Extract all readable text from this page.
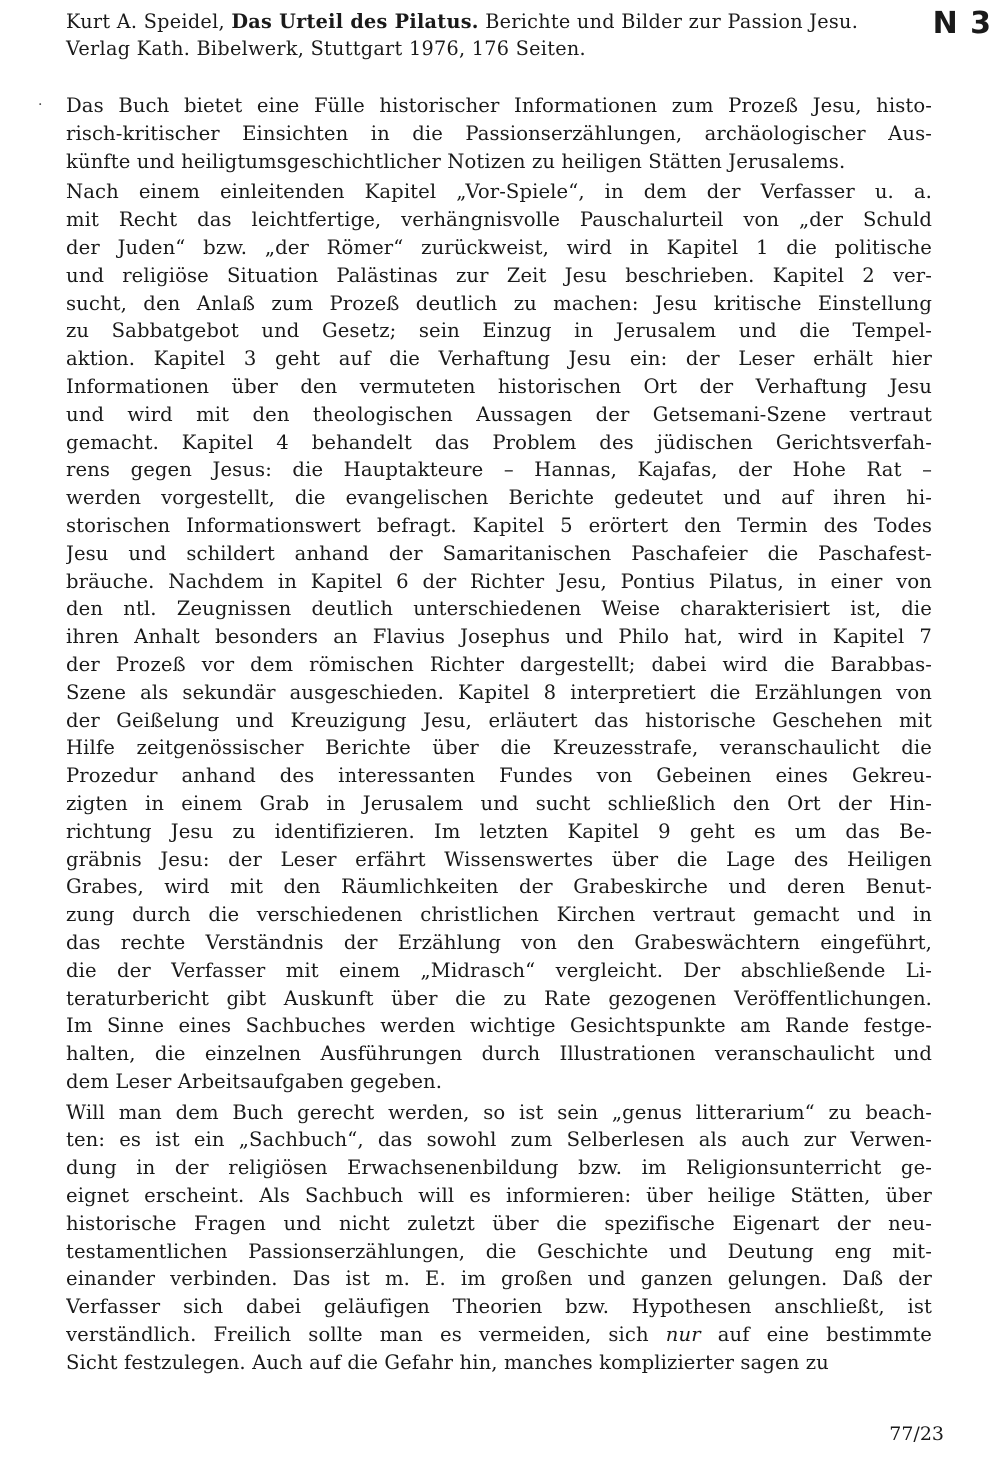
Kurt A. Speidel, Das Urteil des Pilatus. Berichte und Bilder zur Passion Jesu.
Verlag Kath. Bibelwerk, Stuttgart 1976, 176 Seiten.
N 3
· Das Buch bietet eine Fülle historischer Informationen zum Prozeß Jesu, histo-
risch-kritischer Einsichten in die Passionserzählungen, archäologischer Aus-
künfte und heiligtumsgeschichtlicher Notizen zu heiligen Stätten Jerusalems.
Nach einem einleitenden Kapitel „Vor-Spiele“, in dem der Verfasser u. a.
mit Recht das leichtfertige, verhängnisvolle Pauschalurteil von „der Schuld
der Juden“ bzw. „der Römer“ zurückweist, wird in Kapitel 1 die politische
und religiöse Situation Palästinas zur Zeit Jesu beschrieben. Kapitel 2 ver-
sucht, den Anlaß zum Prozeß deutlich zu machen: Jesu kritische Einstellung
zu Sabbatgebot und Gesetz; sein Einzug in Jerusalem und die Tempel-
aktion. Kapitel 3 geht auf die Verhaftung Jesu ein: der Leser erhält hier
Informationen über den vermuteten historischen Ort der Verhaftung Jesu
und wird mit den theologischen Aussagen der Getsemani-Szene vertraut
gemacht. Kapitel 4 behandelt das Problem des jüdischen Gerichtsverfah-
rens gegen Jesus: die Hauptakteure – Hannas, Kajafas, der Hohe Rat –
werden vorgestellt, die evangelischen Berichte gedeutet und auf ihren hi-
storischen Informationswert befragt. Kapitel 5 erörtert den Termin des Todes
Jesu und schildert anhand der Samaritanischen Paschafeier die Paschafest-
bräuche. Nachdem in Kapitel 6 der Richter Jesu, Pontius Pilatus, in einer von
den ntl. Zeugnissen deutlich unterschiedenen Weise charakterisiert ist, die
ihren Anhalt besonders an Flavius Josephus und Philo hat, wird in Kapitel 7
der Prozeß vor dem römischen Richter dargestellt; dabei wird die Barabbas-
Szene als sekundär ausgeschieden. Kapitel 8 interpretiert die Erzählungen von
der Geißelung und Kreuzigung Jesu, erläutert das historische Geschehen mit
Hilfe zeitgenössischer Berichte über die Kreuzesstrafe, veranschaulicht die
Prozedur anhand des interessanten Fundes von Gebeinen eines Gekreu-
zigten in einem Grab in Jerusalem und sucht schließlich den Ort der Hin-
richtung Jesu zu identifizieren. Im letzten Kapitel 9 geht es um das Be-
gräbnis Jesu: der Leser erfährt Wissenswertes über die Lage des Heiligen
Grabes, wird mit den Räumlichkeiten der Grabeskirche und deren Benut-
zung durch die verschiedenen christlichen Kirchen vertraut gemacht und in
das rechte Verständnis der Erzählung von den Grabeswächtern eingeführt,
die der Verfasser mit einem „Midrasch“ vergleicht. Der abschließende Li-
teraturbericht gibt Auskunft über die zu Rate gezogenen Veröffentlichungen.
Im Sinne eines Sachbuches werden wichtige Gesichtspunkte am Rande festge-
halten, die einzelnen Ausführungen durch Illustrationen veranschaulicht und
dem Leser Arbeitsaufgaben gegeben.
Will man dem Buch gerecht werden, so ist sein „genus litterarium“ zu beach-
ten: es ist ein „Sachbuch“, das sowohl zum Selberlesen als auch zur Verwen-
dung in der religiösen Erwachsenenbildung bzw. im Religionsunterricht ge-
eignet erscheint. Als Sachbuch will es informieren: über heilige Stätten, über
historische Fragen und nicht zuletzt über die spezifische Eigenart der neu-
testamentlichen Passionserzählungen, die Geschichte und Deutung eng mit-
einander verbinden. Das ist m. E. im großen und ganzen gelungen. Daß der
Verfasser sich dabei geläufigen Theorien bzw. Hypothesen anschließt, ist
verständlich. Freilich sollte man es vermeiden, sich nur auf eine bestimmte
Sicht festzulegen. Auch auf die Gefahr hin, manches komplizierter sagen zu
77/23
